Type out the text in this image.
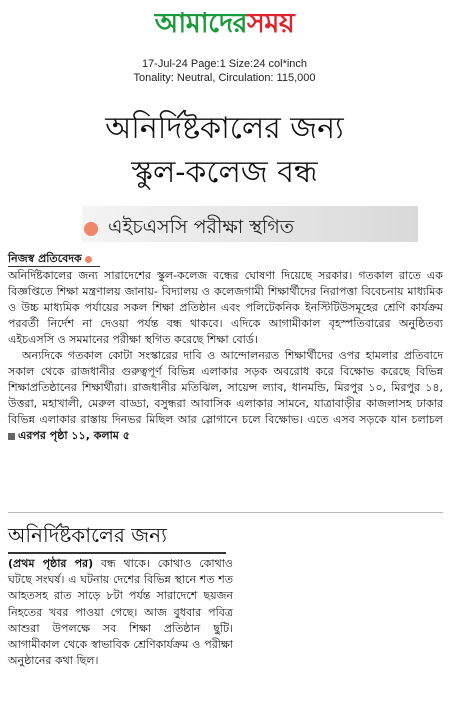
আমাদেরসময়
17-Jul-24 Page:1 Size:24 col*inch
Tonality: Neutral, Circulation: 115,000
অনির্দিষ্টকালের জন্য
স্কুল-কলেজ বন্ধ
এইচএসসি পরীক্ষা স্থগিত
নিজস্ব প্রতিবেদক

অনির্দিষ্টকালের জন্য সারাদেশের স্কুল-কলেজ বন্ধের ঘোষণা দিয়েছে সরকার। গতকাল রাতে এক বিজ্ঞপ্তিতে শিক্ষা মন্ত্রণালয় জানায়- বিদ্যালয় ও কলেজগামী শিক্ষার্থীদের নিরাপত্তা বিবেচনায় মাধ্যমিক ও উচ্চ মাধ্যমিক পর্যায়ের সকল শিক্ষা প্রতিষ্ঠান এবং পলিটেকনিক ইনস্টিটিউসমূহের শ্রেণি কার্যক্রম পরবর্তী নির্দেশ না দেওয়া পর্যন্ত বন্ধ থাকবে। এদিকে আগামীকাল বৃহস্পতিবারের অনুষ্ঠিতব্য এইচএসসি ও সমমানের পরীক্ষা স্থগিত করেছে শিক্ষা বোর্ড।

অন্যদিকে গতকাল কোটা সংস্কারের দাবি ও আন্দোলনরত শিক্ষার্থীদের ওপর হামলার প্রতিবাদে সকাল থেকে রাজধানীর গুরুত্বপূর্ণ বিভিন্ন এলাকার সড়ক অবরোধ করে বিক্ষোভ করেছে বিভিন্ন শিক্ষাপ্রতিষ্ঠানের শিক্ষার্থীরা। রাজধানীর মতিঝিল, সায়েন্স ল্যাব, ধানমন্ডি, মিরপুর ১০, মিরপুর ১৪, উত্তরা, মহাখালী, মেরুল বাড্ডা, বসুন্ধরা আবাসিক এলাকার সামনে, যাত্রাবাড়ীর কাজলাসহ ঢাকার বিভিন্ন এলাকার রাস্তায় দিনভর মিছিল আর স্লোগানে চলে বিক্ষোভ। এতে এসব সড়কে যান চলাচল এরপর পৃষ্ঠা ১১, কলাম ৫

অনির্দিষ্টকালের জন্য

(প্রথম পৃষ্ঠার পর) বন্ধ থাকে। কোথাও কোথাও ঘটছে সংঘর্ষ। এ ঘটনায় দেশের বিভিন্ন স্থানে শত শত আহতসহ রাত সাড়ে ৮টা পর্যন্ত সারাদেশে ছয়জন নিহতের খবর পাওয়া গেছে। আজ বুধবার পবিত্র আশুরা উপলক্ষে সব শিক্ষা প্রতিষ্ঠান ছুটি। আগামীকাল থেকে স্বাভাবিক শ্রেণিকার্যক্রম ও পরীক্ষা অনুষ্ঠানের কথা ছিল।
